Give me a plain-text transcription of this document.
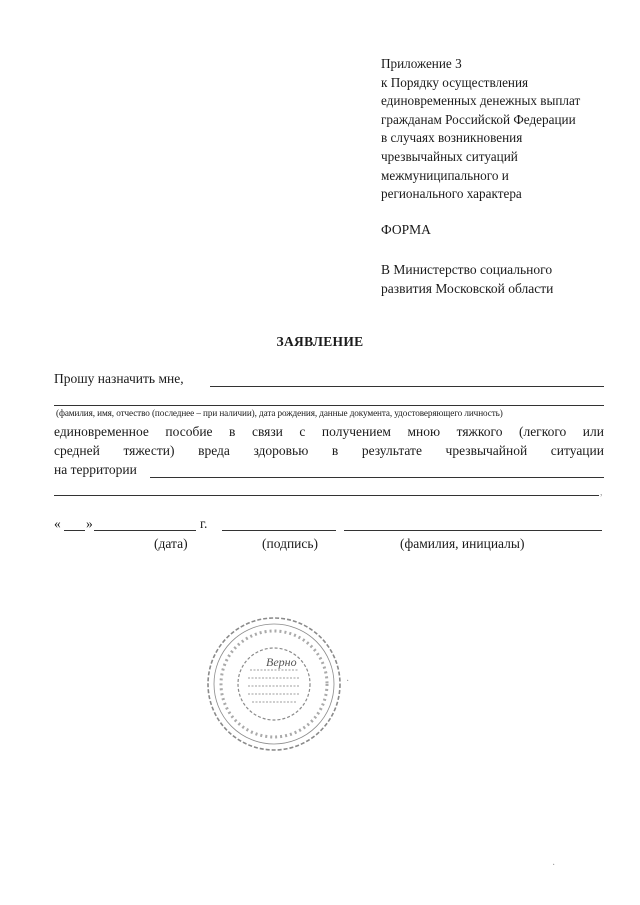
Приложение 3
к Порядку осуществления
единовременных денежных выплат
гражданам Российской Федерации
в случаях возникновения
чрезвычайных ситуаций
межмуниципального и
регионального характера
ФОРМА
В Министерство социального
развития Московской области
ЗАЯВЛЕНИЕ
Прошу назначить мне,
(фамилия, имя, отчество (последнее – при наличии), дата рождения, данные документа, удостоверяющего личность)
единовременное пособие в связи с получением мною тяжкого (легкого или
средней тяжести) вреда здоровью в результате чрезвычайной ситуации
на территории
,
« »	г.
(дата)	(подпись)	(фамилия, инициалы)
Верно
·
·
